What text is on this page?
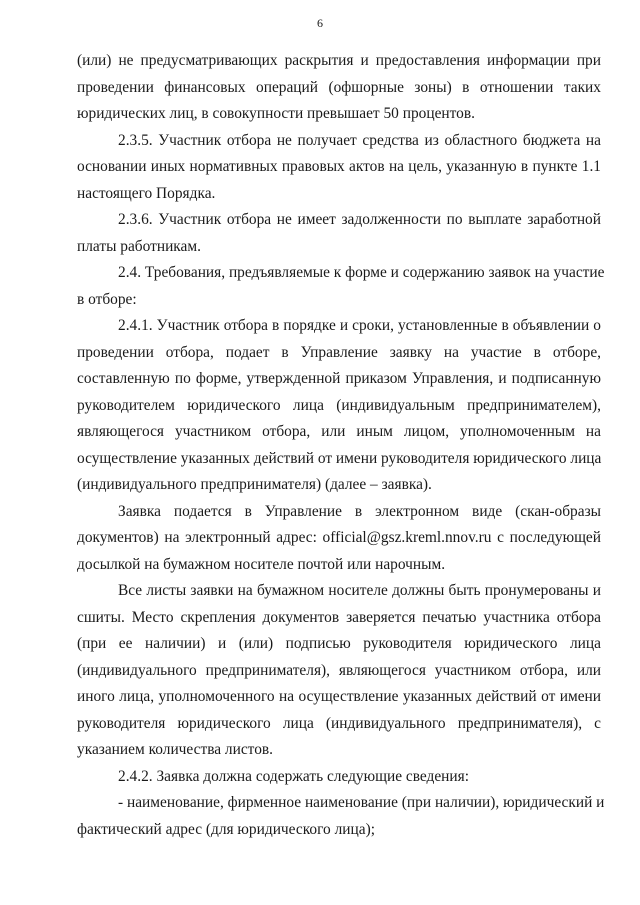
6
(или) не предусматривающих раскрытия и предоставления информации при
проведении финансовых операций (офшорные зоны) в отношении таких
юридических лиц, в совокупности превышает 50 процентов.
2.3.5. Участник отбора не получает средства из областного бюджета на
основании иных нормативных правовых актов на цель, указанную в пункте 1.1
настоящего Порядка.
2.3.6. Участник отбора не имеет задолженности по выплате заработной
платы работникам.
2.4. Требования, предъявляемые к форме и содержанию заявок на участие
в отборе:
2.4.1. Участник отбора в порядке и сроки, установленные в объявлении о
проведении отбора, подает в Управление заявку на участие в отборе,
составленную по форме, утвержденной приказом Управления, и подписанную
руководителем юридического лица (индивидуальным предпринимателем),
являющегося участником отбора, или иным лицом, уполномоченным на
осуществление указанных действий от имени руководителя юридического лица
(индивидуального предпринимателя) (далее – заявка).
Заявка подается в Управление в электронном виде (скан-образы
документов) на электронный адрес: official@gsz.kreml.nnov.ru с последующей
досылкой на бумажном носителе почтой или нарочным.
Все листы заявки на бумажном носителе должны быть пронумерованы и
сшиты. Место скрепления документов заверяется печатью участника отбора
(при ее наличии) и (или) подписью руководителя юридического лица
(индивидуального предпринимателя), являющегося участником отбора, или
иного лица, уполномоченного на осуществление указанных действий от имени
руководителя юридического лица (индивидуального предпринимателя), с
указанием количества листов.
2.4.2. Заявка должна содержать следующие сведения:
- наименование, фирменное наименование (при наличии), юридический и
фактический адрес (для юридического лица);
